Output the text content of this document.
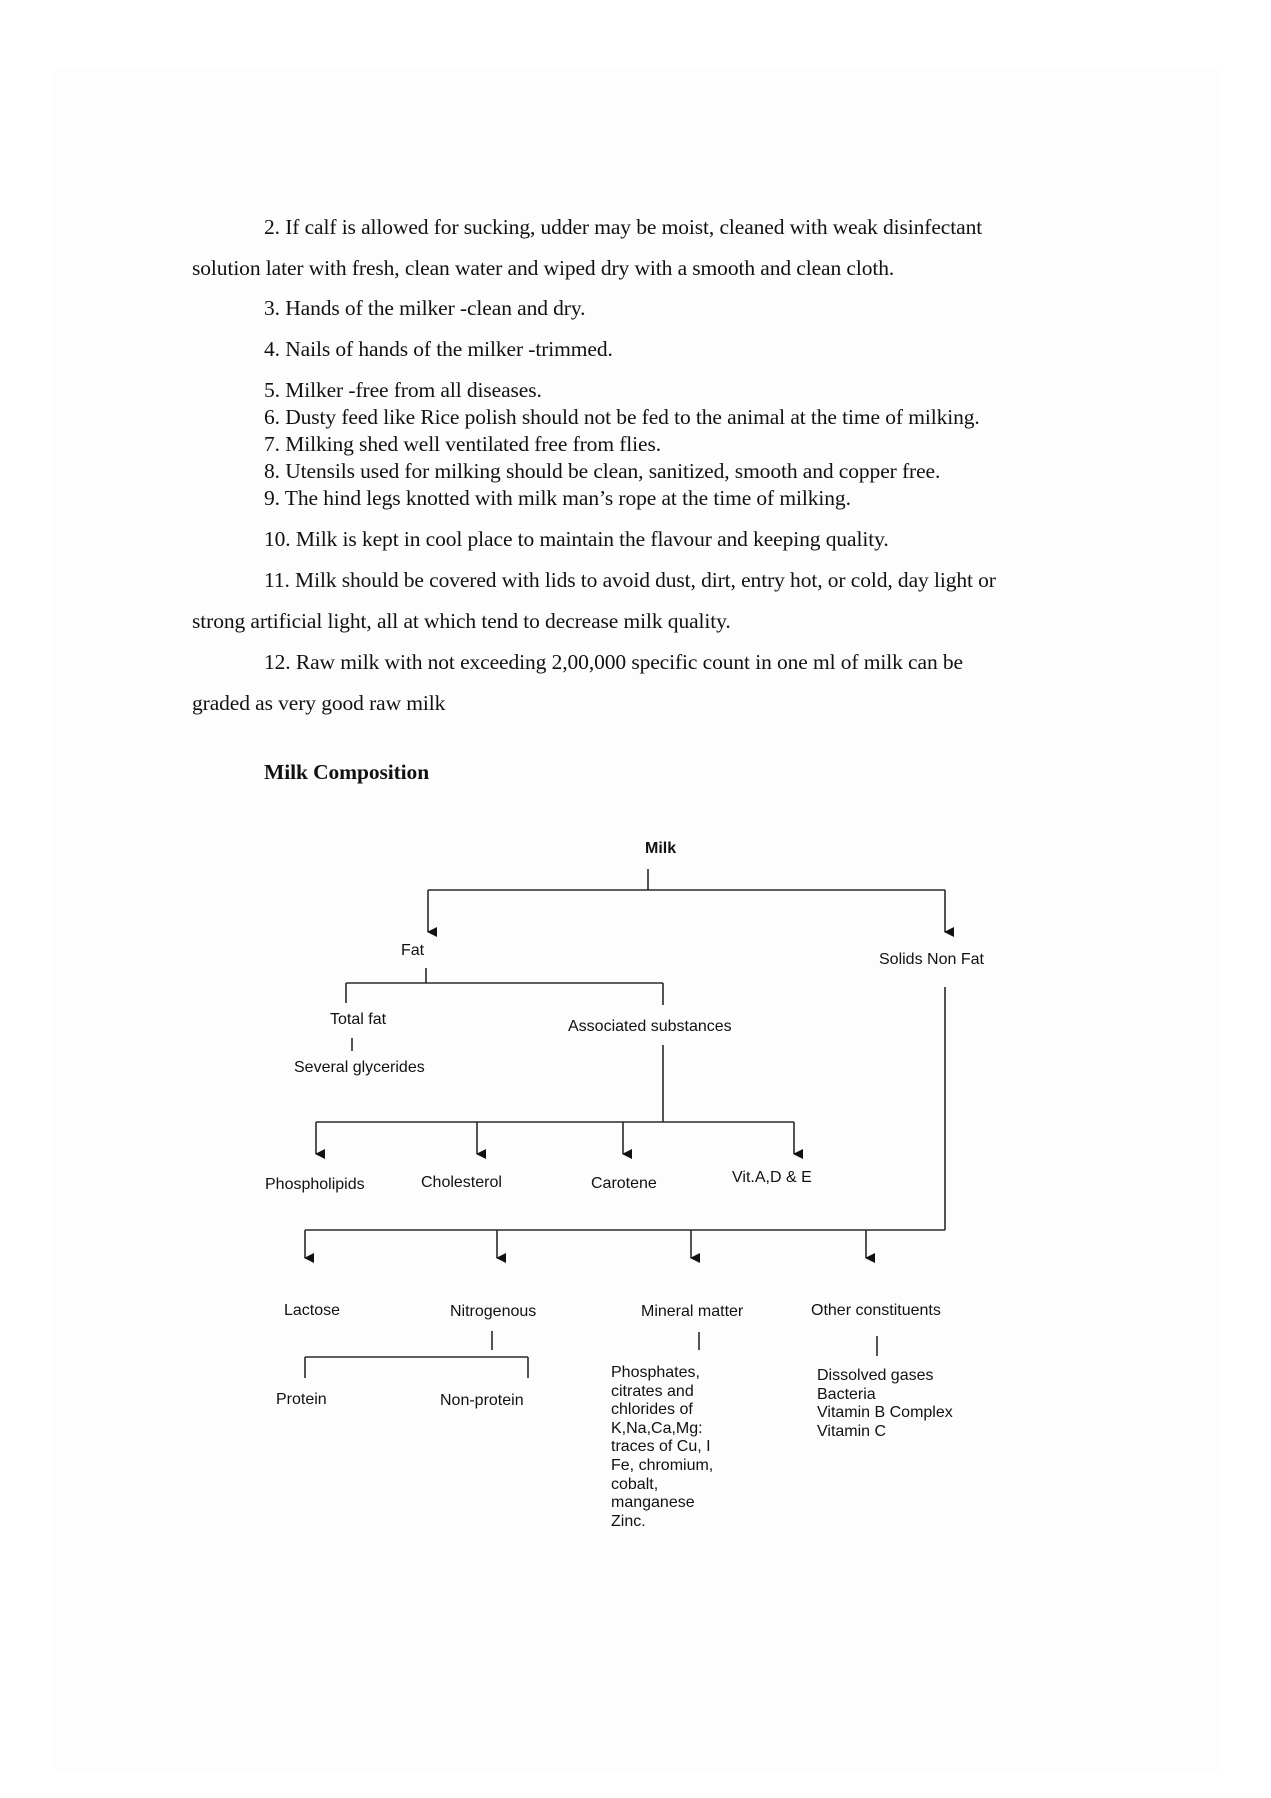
2. If calf is allowed for sucking, udder may be moist, cleaned with weak disinfectant
solution later with fresh, clean water and wiped dry with a smooth and clean cloth.
3. Hands of the milker -clean and dry.
4. Nails of hands of the milker -trimmed.
5. Milker -free from all diseases.
6. Dusty feed like Rice polish should not be fed to the animal at the time of milking.
7. Milking shed well ventilated free from flies.
8. Utensils used for milking should be clean, sanitized, smooth and copper free.
9. The hind legs knotted with milk man’s rope at the time of milking.
10. Milk is kept in cool place to maintain the flavour and keeping quality.
11. Milk should be covered with lids to avoid dust, dirt, entry hot, or cold, day light or
strong artificial light, all at which tend to decrease milk quality.
12. Raw milk with not exceeding 2,00,000 specific count in one ml of milk can be
graded as very good raw milk
Milk Composition
Milk
Fat
Solids Non Fat
Total fat
Several glycerides
Associated substances
Phospholipids	Cholesterol	Carotene	Vit.A,D & E
Lactose	Nitrogenous	Mineral matter	Other constituents
Protein	Non-protein
Phosphates,
citrates and
chlorides of
K,Na,Ca,Mg:
traces of Cu, I
Fe, chromium,
cobalt,
manganese
Zinc.
Dissolved gases
Bacteria
Vitamin B Complex
Vitamin C
